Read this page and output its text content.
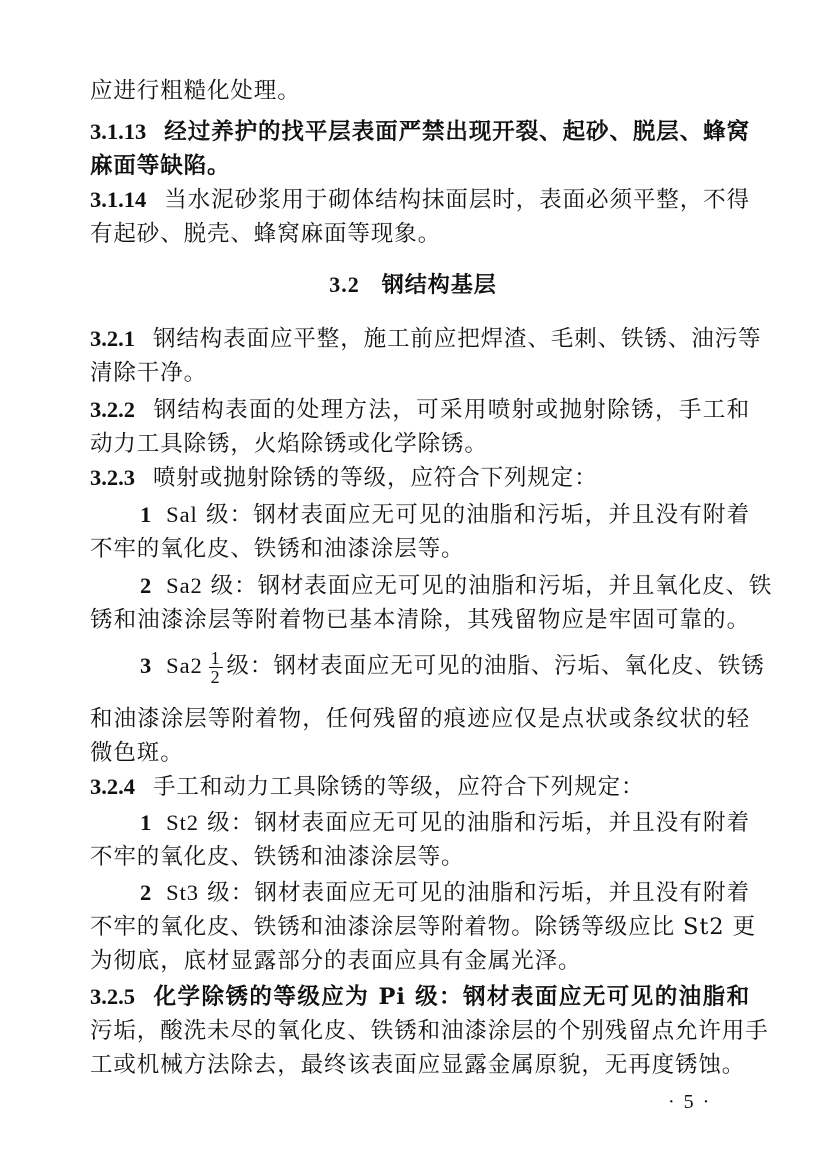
应进行粗糙化处理。
3.1.13 经过养护的找平层表面严禁出现开裂、起砂、脱层、蜂窝
麻面等缺陷。
3.1.14 当水泥砂浆用于砌体结构抹面层时，表面必须平整，不得
有起砂、脱壳、蜂窝麻面等现象。
3.2 钢结构基层
3.2.1 钢结构表面应平整，施工前应把焊渣、毛刺、铁锈、油污等
清除干净。
3.2.2 钢结构表面的处理方法，可采用喷射或抛射除锈，手工和
动力工具除锈，火焰除锈或化学除锈。
3.2.3 喷射或抛射除锈的等级，应符合下列规定：
1 Sal 级：钢材表面应无可见的油脂和污垢，并且没有附着
不牢的氧化皮、铁锈和油漆涂层等。
2 Sa2 级：钢材表面应无可见的油脂和污垢，并且氧化皮、铁
锈和油漆涂层等附着物已基本清除，其残留物应是牢固可靠的。
3 $Sa2 \frac{1}{2}$ 级：钢材表面应无可见的油脂、污垢、氧化皮、铁锈
和油漆涂层等附着物，任何残留的痕迹应仅是点状或条纹状的轻
微色斑。
3.2.4 手工和动力工具除锈的等级，应符合下列规定：
1 St2 级：钢材表面应无可见的油脂和污垢，并且没有附着
不牢的氧化皮、铁锈和油漆涂层等。
2 St3 级：钢材表面应无可见的油脂和污垢，并且没有附着
不牢的氧化皮、铁锈和油漆涂层等附着物。除锈等级应比 St2 更
为彻底，底材显露部分的表面应具有金属光泽。
3.2.5 化学除锈的等级应为 Pi 级：钢材表面应无可见的油脂和
污垢，酸洗未尽的氧化皮、铁锈和油漆涂层的个别残留点允许用手
工或机械方法除去，最终该表面应显露金属原貌，无再度锈蚀。
· 5 ·
